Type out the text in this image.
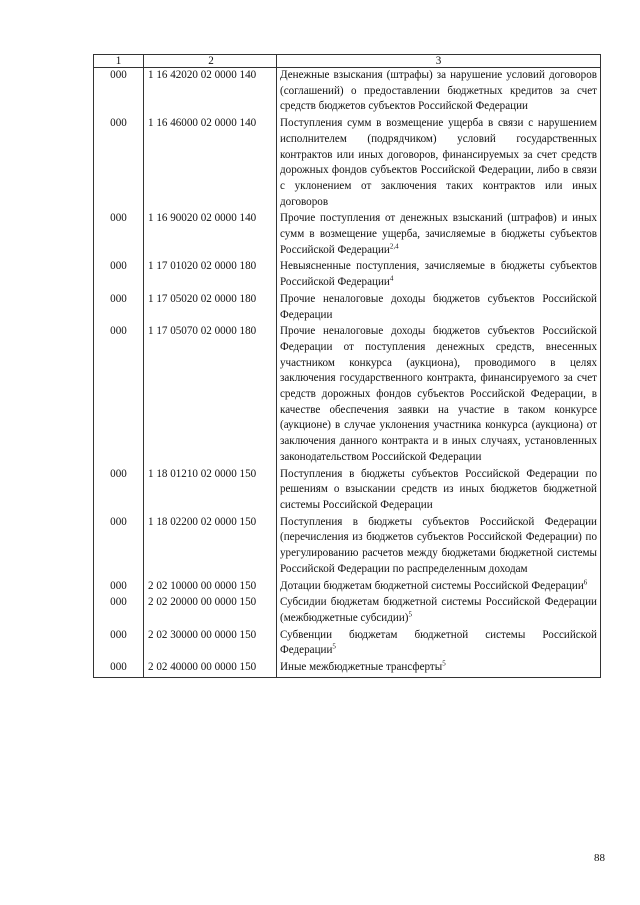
1	2	3
000	1 16 42020 02 0000 140	Денежные взыскания (штрафы) за нарушение условий договоров (соглашений) о предоставлении бюджетных кредитов за счет средств бюджетов субъектов Российской Федерации
000	1 16 46000 02 0000 140	Поступления сумм в возмещение ущерба в связи с нарушением исполнителем (подрядчиком) условий государственных контрактов или иных договоров, финансируемых за счет средств дорожных фондов субъектов Российской Федерации, либо в связи с уклонением от заключения таких контрактов или иных договоров
000	1 16 90020 02 0000 140	Прочие поступления от денежных взысканий (штрафов) и иных сумм в возмещение ущерба, зачисляемые в бюджеты субъектов Российской Федерации$^{2,4}$
000	1 17 01020 02 0000 180	Невыясненные поступления, зачисляемые в бюджеты субъектов Российской Федерации$^4$
000	1 17 05020 02 0000 180	Прочие неналоговые доходы бюджетов субъектов Российской Федерации
000	1 17 05070 02 0000 180	Прочие неналоговые доходы бюджетов субъектов Российской Федерации от поступления денежных средств, внесенных участником конкурса (аукциона), проводимого в целях заключения государственного контракта, финансируемого за счет средств дорожных фондов субъектов Российской Федерации, в качестве обеспечения заявки на участие в таком конкурсе (аукционе) в случае уклонения участника конкурса (аукциона) от заключения данного контракта и в иных случаях, установленных законодательством Российской Федерации
000	1 18 01210 02 0000 150	Поступления в бюджеты субъектов Российской Федерации по решениям о взыскании средств из иных бюджетов бюджетной системы Российской Федерации
000	1 18 02200 02 0000 150	Поступления в бюджеты субъектов Российской Федерации (перечисления из бюджетов субъектов Российской Федерации) по урегулированию расчетов между бюджетами бюджетной системы Российской Федерации по распределенным доходам
000	2 02 10000 00 0000 150	Дотации бюджетам бюджетной системы Российской Федерации$^6$
000	2 02 20000 00 0000 150	Субсидии бюджетам бюджетной системы Российской Федерации (межбюджетные субсидии)$^5$
000	2 02 30000 00 0000 150	Субвенции бюджетам бюджетной системы Российской Федерации$^5$
000	2 02 40000 00 0000 150	Иные межбюджетные трансферты$^5$
88
